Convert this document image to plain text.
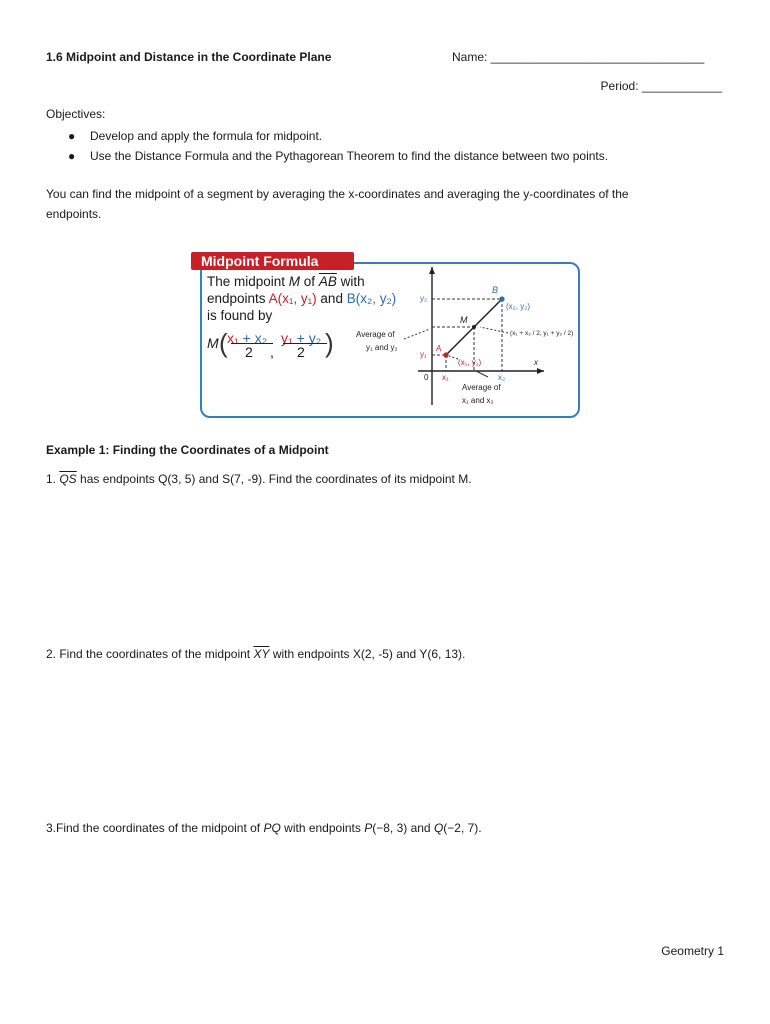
1.6 Midpoint and Distance in the Coordinate Plane	Name: ________________________________
Period: ____________
Objectives:
● Develop and apply the formula for midpoint.
● Use the Distance Formula and the Pythagorean Theorem to find the distance between two points.
You can find the midpoint of a segment by averaging the x-coordinates and averaging the y-coordinates of the endpoints.
Midpoint Formula
The midpoint M of $\overline{AB}$ with
endpoints A(x₁, y₁) and B(x₂, y₂)
is found by
M ( x₁ + x₂
2 ,
y₁ + y₂
2 )
B
(x₂, y₂)
y₂
M
(x₁ + x₂ / 2, y₁ + y₂ / 2)
Average of
y₁ and y₂
y₁
A
(x₁, y₁)	x
0 x₁	x₂
Average of
x₁ and x₂
Example 1: Finding the Coordinates of a Midpoint
1. $\overline{QS}$ has endpoints Q(3, 5) and S(7, -9). Find the coordinates of its midpoint M.
2. Find the coordinates of the midpoint $\overline{XY}$ with endpoints X(2, -5) and Y(6, 13).
3.Find the coordinates of the midpoint of PQ with endpoints P(−8, 3) and Q(−2, 7).
Geometry 1
